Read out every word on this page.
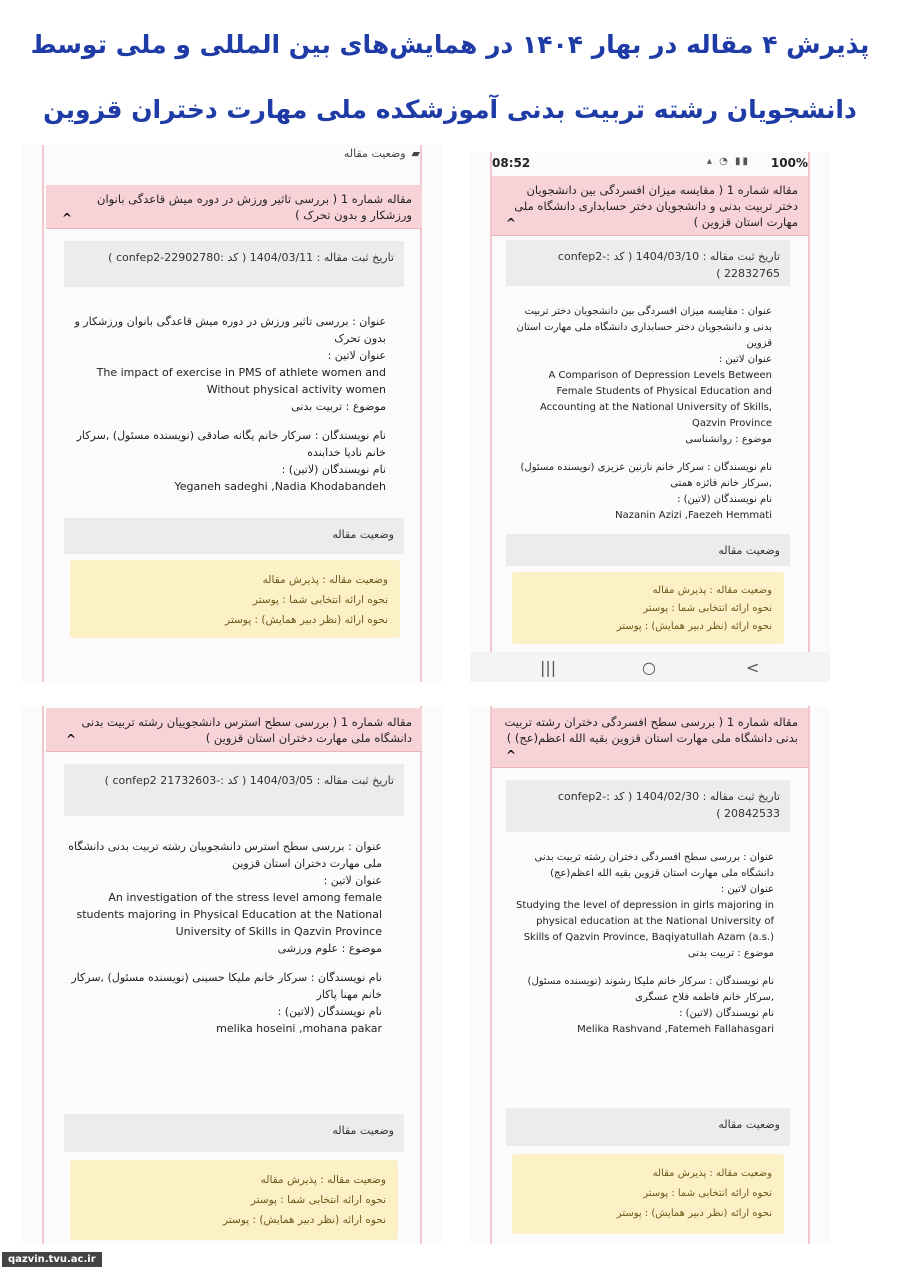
پذیرش ۴ مقاله در بهار ۱۴۰۴ در همایش‌های بین المللی و ملی توسط
دانشجویان رشته تربیت بدنی آموزشکده ملی مهارت دختران قزوین
▰
وضعیت مقاله
مقاله شماره 1 ( بررسی تاثیر ورزش در دوره میش قاعدگی بانوان ورزشکار و بدون تحرک )
^
تاریخ ثبت مقاله : 1404/03/11 ( کد :confep2-22902780 )

عنوان : بررسی تاثیر ورزش در دوره میش قاعدگی بانوان ورزشکار و بدون تحرک

عنوان لاتین :

The impact of exercise in PMS of athlete women and Without physical activity women

موضوع : تربیت بدنی

نام نویسندگان : سرکار خانم یگانه صادقی (نویسنده مسئول) ,سرکار خانم نادیا خدابنده

نام نویسندگان (لاتین) :

Yeganeh sadeghi ,Nadia Khodabandeh

وضعیت مقاله
وضعیت مقاله : پذیرش مقاله
نحوه ارائه انتخابی شما : پوستر
نحوه ارائه (نظر دبیر همایش) : پوستر
08:52	▴ ◔ ▮▮ 100%
مقاله شماره 1 ( مقایسه میزان افسردگی بین دانشجویان دختر تربیت بدنی و دانشجویان دختر حسابداری دانشگاه ملی مهارت استان قزوین )
^
تاریخ ثبت مقاله : 1404/03/10 ( کد :-confep2 22832765 )

عنوان : مقایسه میزان افسردگی بین دانشجویان دختر تربیت بدنی و دانشجویان دختر حسابداری دانشگاه ملی مهارت استان قزوین

عنوان لاتین :

A Comparison of Depression Levels Between Female Students of Physical Education and Accounting at the National University of Skills, Qazvin Province

موضوع : روانشناسی

نام نویسندگان : سرکار خانم نازنین عزیزی (نویسنده مسئول) ,سرکار خانم فائزه همتی

نام نویسندگان (لاتین) :

Nazanin Azizi ,Faezeh Hemmati

وضعیت مقاله
وضعیت مقاله : پذیرش مقاله
نحوه ارائه انتخابی شما : پوستر
نحوه ارائه (نظر دبیر همایش) : پوستر
|||	○	<
مقاله شماره 1 ( بررسی سطح استرس دانشجوییان رشته تربیت بدنی دانشگاه ملی مهارت دختران استان قزوین )
^
تاریخ ثبت مقاله : 1404/03/05 ( کد :-confep2 21732603 )

عنوان : بررسی سطح استرس دانشجوییان رشته تربیت بدنی دانشگاه ملی مهارت دختران استان قزوین

عنوان لاتین :

An investigation of the stress level among female students majoring in Physical Education at the National University of Skills in Qazvin Province

موضوع : علوم ورزشی

نام نویسندگان : سرکار خانم ملیکا حسینی (نویسنده مسئول) ,سرکار خانم مهنا پاکار

نام نویسندگان (لاتین) :

melika hoseini ,mohana pakar

وضعیت مقاله
وضعیت مقاله : پذیرش مقاله
نحوه ارائه انتخابی شما : پوستر
نحوه ارائه (نظر دبیر همایش) : پوستر
مقاله شماره 1 ( بررسی سطح افسردگی دختران رشته تربیت بدنی دانشگاه ملی مهارت استان قزوین بقیه الله اعظم(عج) )
^
تاریخ ثبت مقاله : 1404/02/30 ( کد :-confep2 20842533 )

عنوان : بررسی سطح افسردگی دختران رشته تربیت بدنی دانشگاه ملی مهارت استان قزوین بقیه الله اعظم(عج)

عنوان لاتین :

Studying the level of depression in girls majoring in physical education at the National University of Skills of Qazvin Province, Baqiyatullah Azam (a.s.)

موضوع : تربیت بدنی

نام نویسندگان : سرکار خانم ملیکا رشوند (نویسنده مسئول) ,سرکار خانم فاطمه فلاح عسگری

نام نویسندگان (لاتین) :

Melika Rashvand ,Fatemeh Fallahasgari

وضعیت مقاله
وضعیت مقاله : پذیرش مقاله
نحوه ارائه انتخابی شما : پوستر
نحوه ارائه (نظر دبیر همایش) : پوستر
qazvin.tvu.ac.ir
